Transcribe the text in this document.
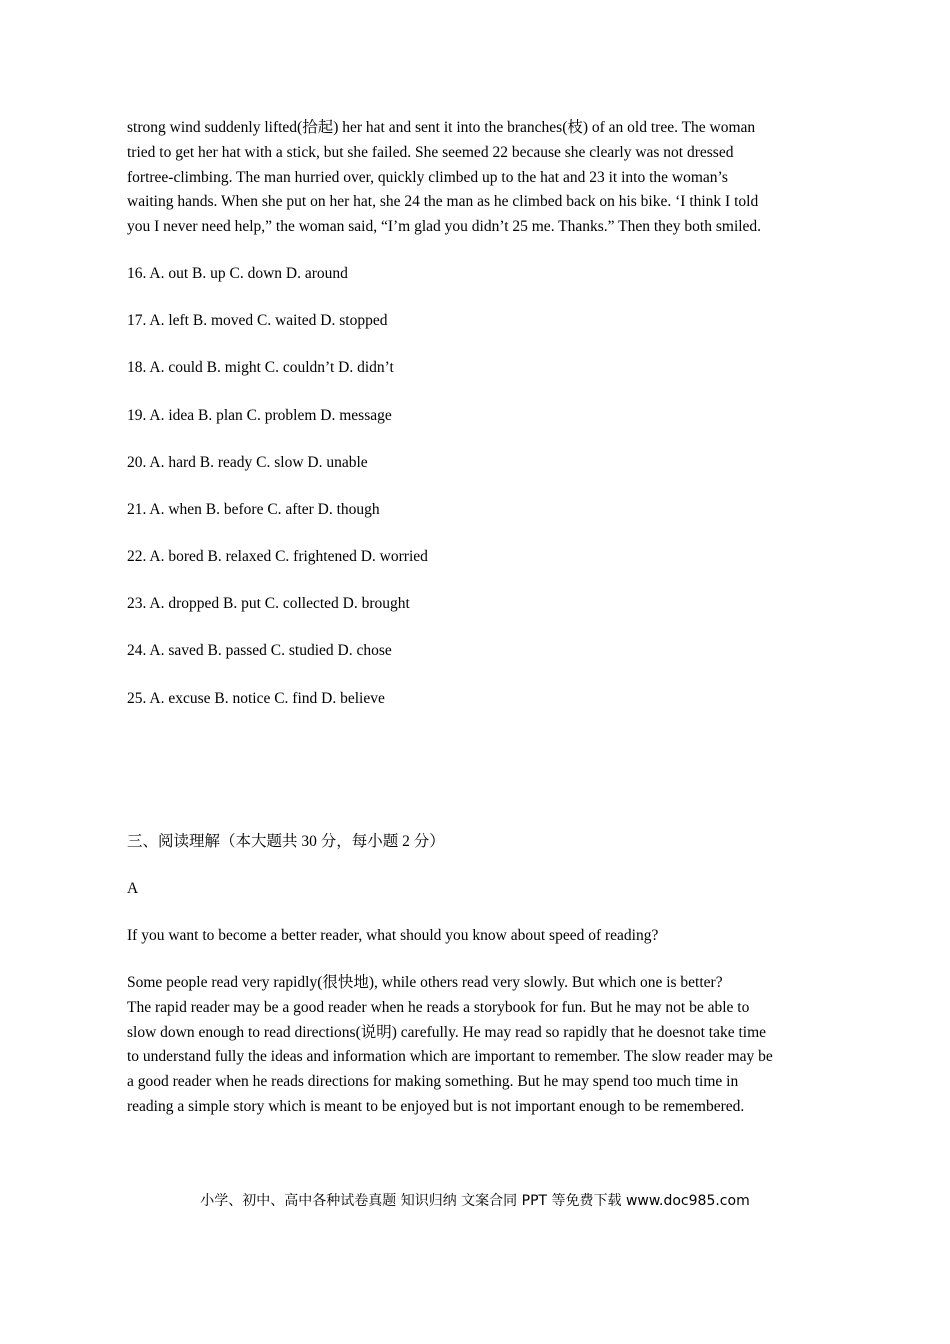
strong wind suddenly lifted(拾起) her hat and sent it into the branches(枝) of an old tree. The woman
tried to get her hat with a stick, but she failed. She seemed 22 because she clearly was not dressed
fortree-climbing. The man hurried over, quickly climbed up to the hat and 23 it into the woman’s
waiting hands. When she put on her hat, she 24 the man as he climbed back on his bike. ‘I think I told
you I never need help,” the woman said, “I’m glad you didn’t 25 me. Thanks.” Then they both smiled.

16. A. out B. up C. down D. around

17. A. left B. moved C. waited D. stopped

18. A. could B. might C. couldn’t D. didn’t

19. A. idea B. plan C. problem D. message

20. A. hard B. ready C. slow D. unable

21. A. when B. before C. after D. though

22. A. bored B. relaxed C. frightened D. worried

23. A. dropped B. put C. collected D. brought

24. A. saved B. passed C. studied D. chose

25. A. excuse B. notice C. find D. believe

三、阅读理解（本大题共 30 分，每小题 2 分）

A

If you want to become a better reader, what should you know about speed of reading?

Some people read very rapidly(很快地), while others read very slowly. But which one is better?
The rapid reader may be a good reader when he reads a storybook for fun. But he may not be able to
slow down enough to read directions(说明) carefully. He may read so rapidly that he doesnot take time
to understand fully the ideas and information which are important to remember. The slow reader may be
a good reader when he reads directions for making something. But he may spend too much time in
reading a simple story which is meant to be enjoyed but is not important enough to be remembered.
小学、初中、高中各种试卷真题 知识归纳 文案合同 PPT 等免费下载 www.doc985.com
